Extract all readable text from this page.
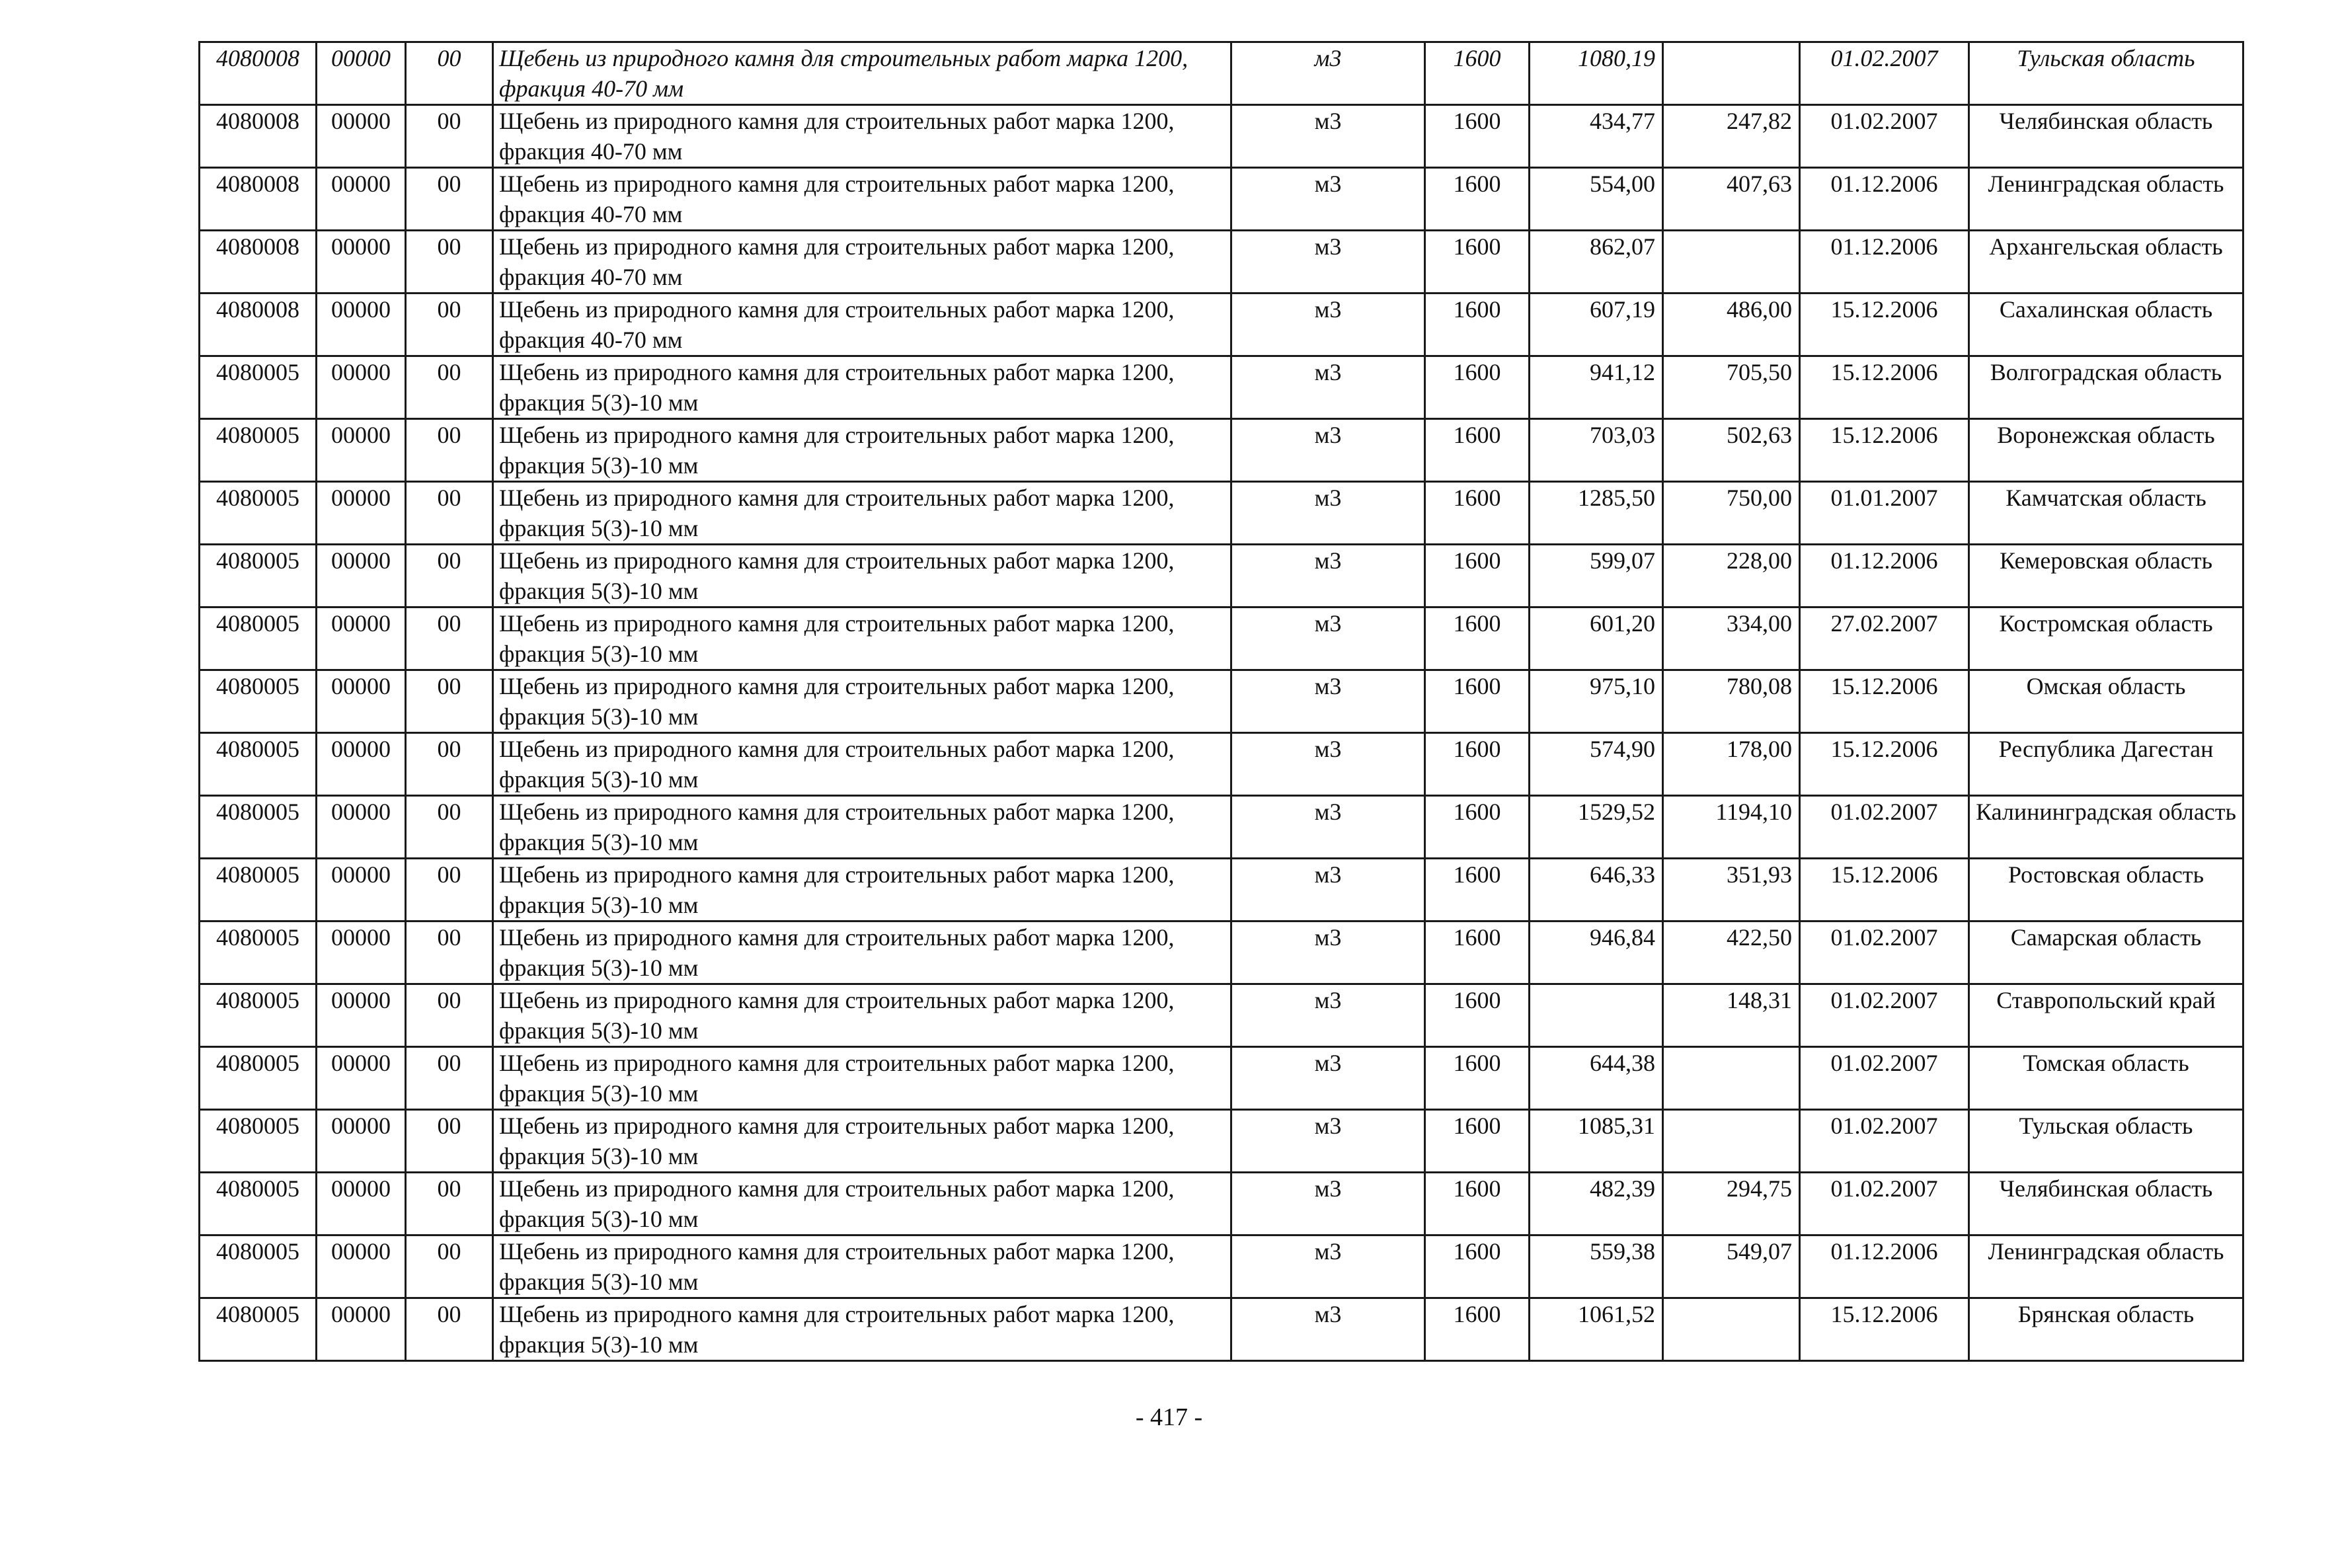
4080008	00000	00	Щебень из природного камня для строительных работ марка 1200, фракция 40-70 мм	м3	1600	1080,19		01.02.2007	Тульская область
4080008	00000	00	Щебень из природного камня для строительных работ марка 1200, фракция 40-70 мм	м3	1600	434,77	247,82	01.02.2007	Челябинская область
4080008	00000	00	Щебень из природного камня для строительных работ марка 1200, фракция 40-70 мм	м3	1600	554,00	407,63	01.12.2006	Ленинградская область
4080008	00000	00	Щебень из природного камня для строительных работ марка 1200, фракция 40-70 мм	м3	1600	862,07		01.12.2006	Архангельская область
4080008	00000	00	Щебень из природного камня для строительных работ марка 1200, фракция 40-70 мм	м3	1600	607,19	486,00	15.12.2006	Сахалинская область
4080005	00000	00	Щебень из природного камня для строительных работ марка 1200, фракция 5(3)-10 мм	м3	1600	941,12	705,50	15.12.2006	Волгоградская область
4080005	00000	00	Щебень из природного камня для строительных работ марка 1200, фракция 5(3)-10 мм	м3	1600	703,03	502,63	15.12.2006	Воронежская область
4080005	00000	00	Щебень из природного камня для строительных работ марка 1200, фракция 5(3)-10 мм	м3	1600	1285,50	750,00	01.01.2007	Камчатская область
4080005	00000	00	Щебень из природного камня для строительных работ марка 1200, фракция 5(3)-10 мм	м3	1600	599,07	228,00	01.12.2006	Кемеровская область
4080005	00000	00	Щебень из природного камня для строительных работ марка 1200, фракция 5(3)-10 мм	м3	1600	601,20	334,00	27.02.2007	Костромская область
4080005	00000	00	Щебень из природного камня для строительных работ марка 1200, фракция 5(3)-10 мм	м3	1600	975,10	780,08	15.12.2006	Омская область
4080005	00000	00	Щебень из природного камня для строительных работ марка 1200, фракция 5(3)-10 мм	м3	1600	574,90	178,00	15.12.2006	Республика Дагестан
4080005	00000	00	Щебень из природного камня для строительных работ марка 1200, фракция 5(3)-10 мм	м3	1600	1529,52	1194,10	01.02.2007	Калининградская область
4080005	00000	00	Щебень из природного камня для строительных работ марка 1200, фракция 5(3)-10 мм	м3	1600	646,33	351,93	15.12.2006	Ростовская область
4080005	00000	00	Щебень из природного камня для строительных работ марка 1200, фракция 5(3)-10 мм	м3	1600	946,84	422,50	01.02.2007	Самарская область
4080005	00000	00	Щебень из природного камня для строительных работ марка 1200, фракция 5(3)-10 мм	м3	1600		148,31	01.02.2007	Ставропольский край
4080005	00000	00	Щебень из природного камня для строительных работ марка 1200, фракция 5(3)-10 мм	м3	1600	644,38		01.02.2007	Томская область
4080005	00000	00	Щебень из природного камня для строительных работ марка 1200, фракция 5(3)-10 мм	м3	1600	1085,31		01.02.2007	Тульская область
4080005	00000	00	Щебень из природного камня для строительных работ марка 1200, фракция 5(3)-10 мм	м3	1600	482,39	294,75	01.02.2007	Челябинская область
4080005	00000	00	Щебень из природного камня для строительных работ марка 1200, фракция 5(3)-10 мм	м3	1600	559,38	549,07	01.12.2006	Ленинградская область
4080005	00000	00	Щебень из природного камня для строительных работ марка 1200, фракция 5(3)-10 мм	м3	1600	1061,52		15.12.2006	Брянская область
- 417 -
